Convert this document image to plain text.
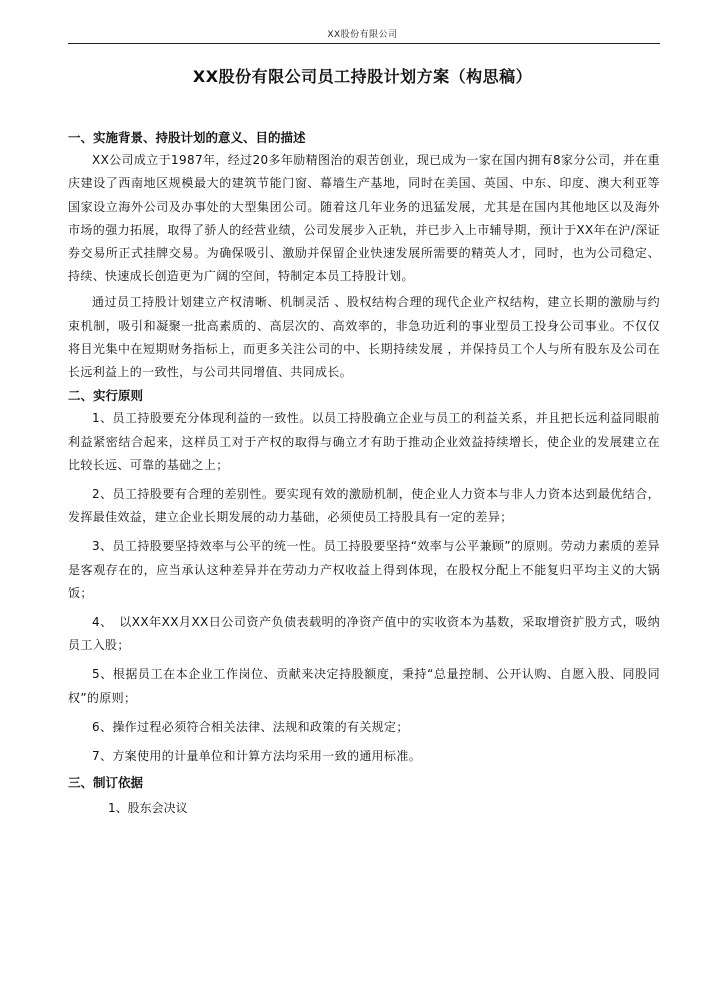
XX股份有限公司
XX股份有限公司员工持股计划方案（构思稿）

一、实施背景、持股计划的意义、目的描述

XX公司成立于1987年，经过20多年励精图治的艰苦创业，现已成为一家在国内拥有8家分公司，并在重庆建设了西南地区规模最大的建筑节能门窗、幕墙生产基地，同时在美国、英国、中东、印度、澳大利亚等国家设立海外公司及办事处的大型集团公司。随着这几年业务的迅猛发展，尤其是在国内其他地区以及海外市场的强力拓展，取得了骄人的经营业绩，公司发展步入正轨，并已步入上市辅导期，预计于XX年在沪/深证券交易所正式挂牌交易。为确保吸引、激励并保留企业快速发展所需要的精英人才，同时，也为公司稳定、持续、快速成长创造更为广阔的空间，特制定本员工持股计划。

通过员工持股计划建立产权清晰、机制灵活 、股权结构合理的现代企业产权结构，建立长期的激励与约束机制，吸引和凝聚一批高素质的、高层次的、高效率的，非急功近利的事业型员工投身公司事业。不仅仅将目光集中在短期财务指标上，而更多关注公司的中、长期持续发展 ，并保持员工个人与所有股东及公司在长远利益上的一致性，与公司共同增值、共同成长。

二、实行原则

1、员工持股要充分体现利益的一致性。以员工持股确立企业与员工的利益关系，并且把长远利益同眼前利益紧密结合起来，这样员工对于产权的取得与确立才有助于推动企业效益持续增长，使企业的发展建立在比较长远、可靠的基础之上；

2、员工持股要有合理的差别性。要实现有效的激励机制，使企业人力资本与非人力资本达到最优结合，发挥最佳效益，建立企业长期发展的动力基础，必须使员工持股具有一定的差异；

3、员工持股要坚持效率与公平的统一性。员工持股要坚持“效率与公平兼顾”的原则。劳动力素质的差异是客观存在的，应当承认这种差异并在劳动力产权收益上得到体现，在股权分配上不能复归平均主义的大锅饭；

4、　以XX年XX月XX日公司资产负债表载明的净资产值中的实收资本为基数，采取增资扩股方式，吸纳员工入股；

5、根据员工在本企业工作岗位、贡献来决定持股额度，秉持“总量控制、公开认购、自愿入股、同股同权”的原则；

6、操作过程必须符合相关法律、法规和政策的有关规定；

7、方案使用的计量单位和计算方法均采用一致的通用标准。

三、制订依据

1、股东会决议
